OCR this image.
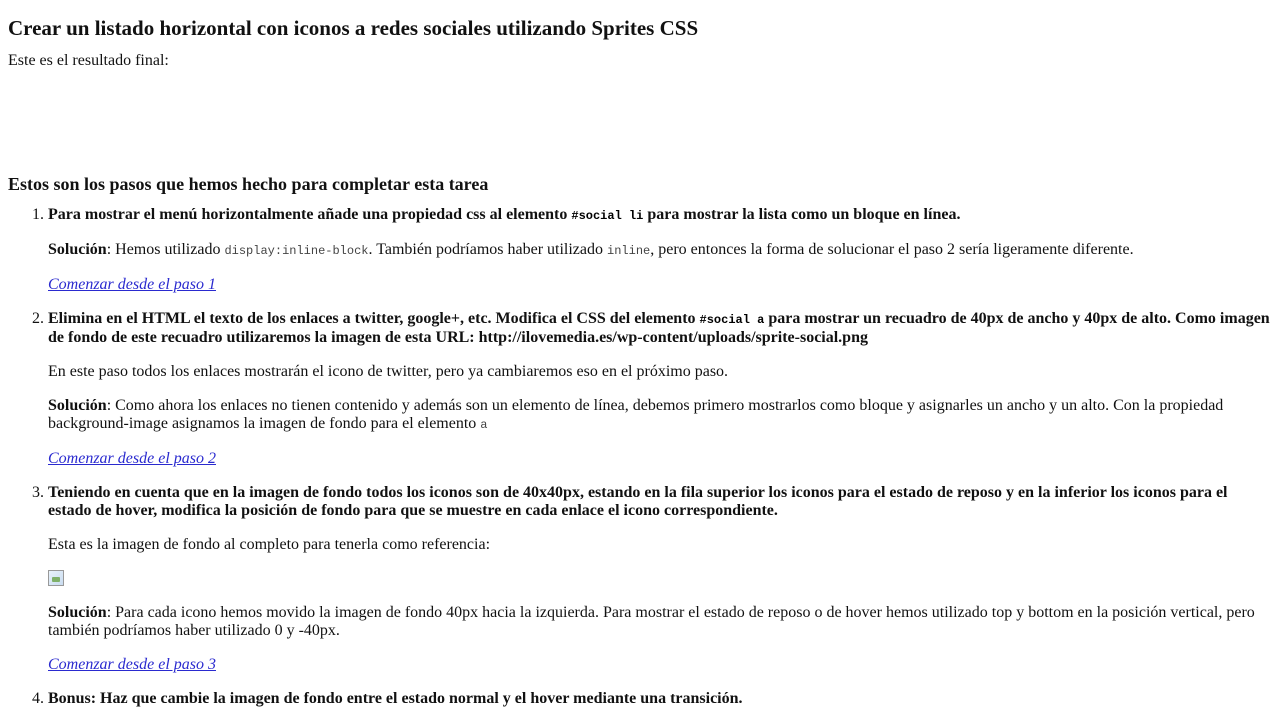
Crear un listado horizontal con iconos a redes sociales utilizando Sprites CSS

Este es el resultado final:

Estos son los pasos que hemos hecho para completar esta tarea

1. Para mostrar el menú horizontalmente añade una propiedad css al elemento #social li para mostrar la lista como un bloque en línea.

Solución: Hemos utilizado display:inline-block. También podríamos haber utilizado inline, pero entonces la forma de solucionar el paso 2 sería ligeramente diferente.

Comenzar desde el paso 1

2. Elimina en el HTML el texto de los enlaces a twitter, google+, etc. Modifica el CSS del elemento #social a para mostrar un recuadro de 40px de ancho y 40px de alto. Como imagen de fondo de este recuadro utilizaremos la imagen de esta URL: http://ilovemedia.es/wp-content/uploads/sprite-social.png

En este paso todos los enlaces mostrarán el icono de twitter, pero ya cambiaremos eso en el próximo paso.

Solución: Como ahora los enlaces no tienen contenido y además son un elemento de línea, debemos primero mostrarlos como bloque y asignarles un ancho y un alto. Con la propiedad background-image asignamos la imagen de fondo para el elemento a

Comenzar desde el paso 2

3. Teniendo en cuenta que en la imagen de fondo todos los iconos son de 40x40px, estando en la fila superior los iconos para el estado de reposo y en la inferior los iconos para el estado de hover, modifica la posición de fondo para que se muestre en cada enlace el icono correspondiente.

Esta es la imagen de fondo al completo para tenerla como referencia:

Solución: Para cada icono hemos movido la imagen de fondo 40px hacia la izquierda. Para mostrar el estado de reposo o de hover hemos utilizado top y bottom en la posición vertical, pero también podríamos haber utilizado 0 y -40px.

Comenzar desde el paso 3

4. Bonus: Haz que cambie la imagen de fondo entre el estado normal y el hover mediante una transición.
